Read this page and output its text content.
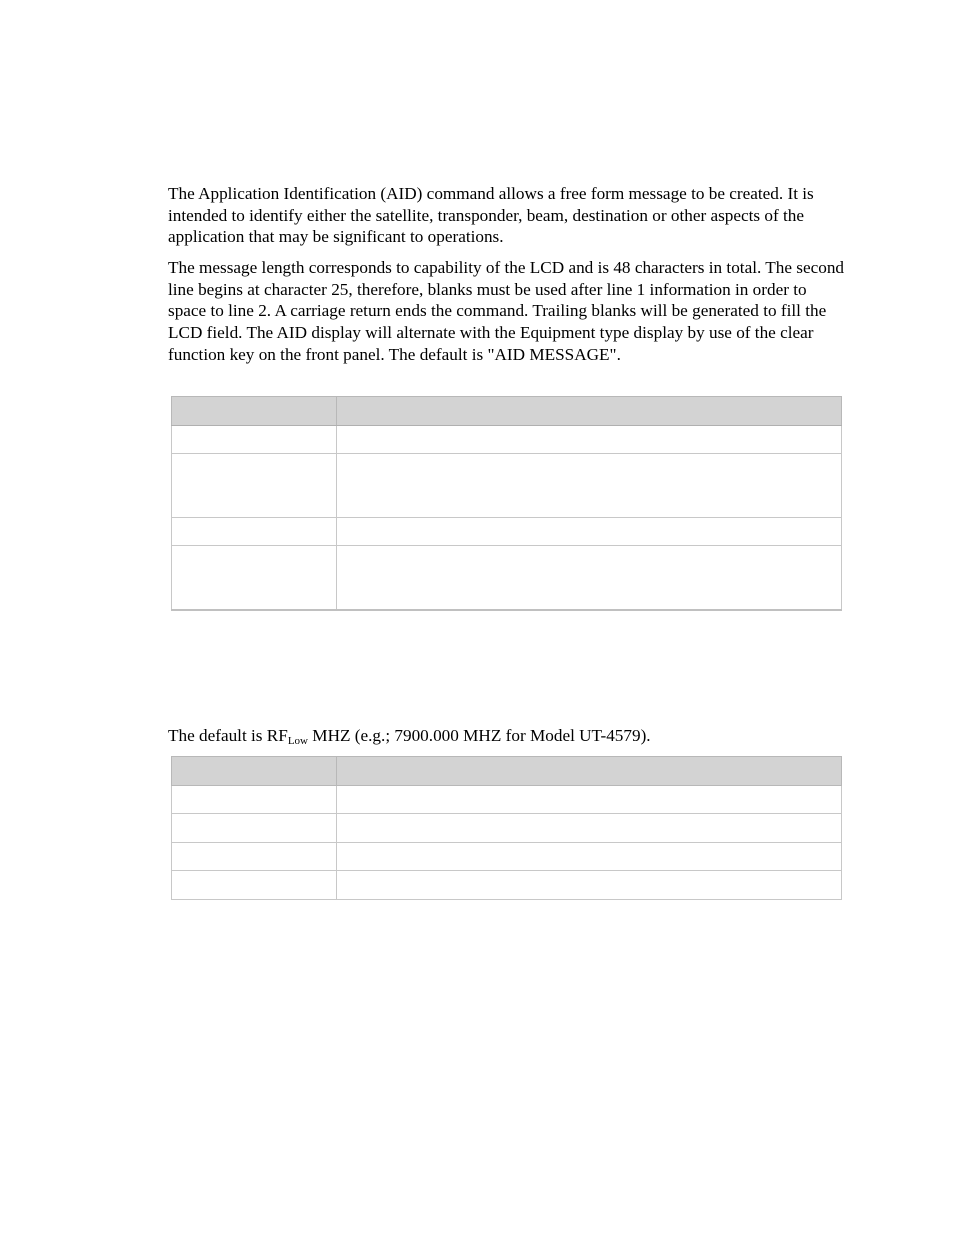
The Application Identification (AID) command allows a free form message to be created. It is intended to identify either the satellite, transponder, beam, destination or other aspects of the application that may be significant to operations.

The message length corresponds to capability of the LCD and is 48 characters in total. The second line begins at character 25, therefore, blanks must be used after line 1 information in order to space to line 2. A carriage return ends the command. Trailing blanks will be generated to fill the LCD field. The AID display will alternate with the Equipment type display by use of the clear function key on the front panel. The default is "AID MESSAGE".

The default is $RF_{Low}$ MHZ (e.g.; 7900.000 MHZ for Model UT-4579).
